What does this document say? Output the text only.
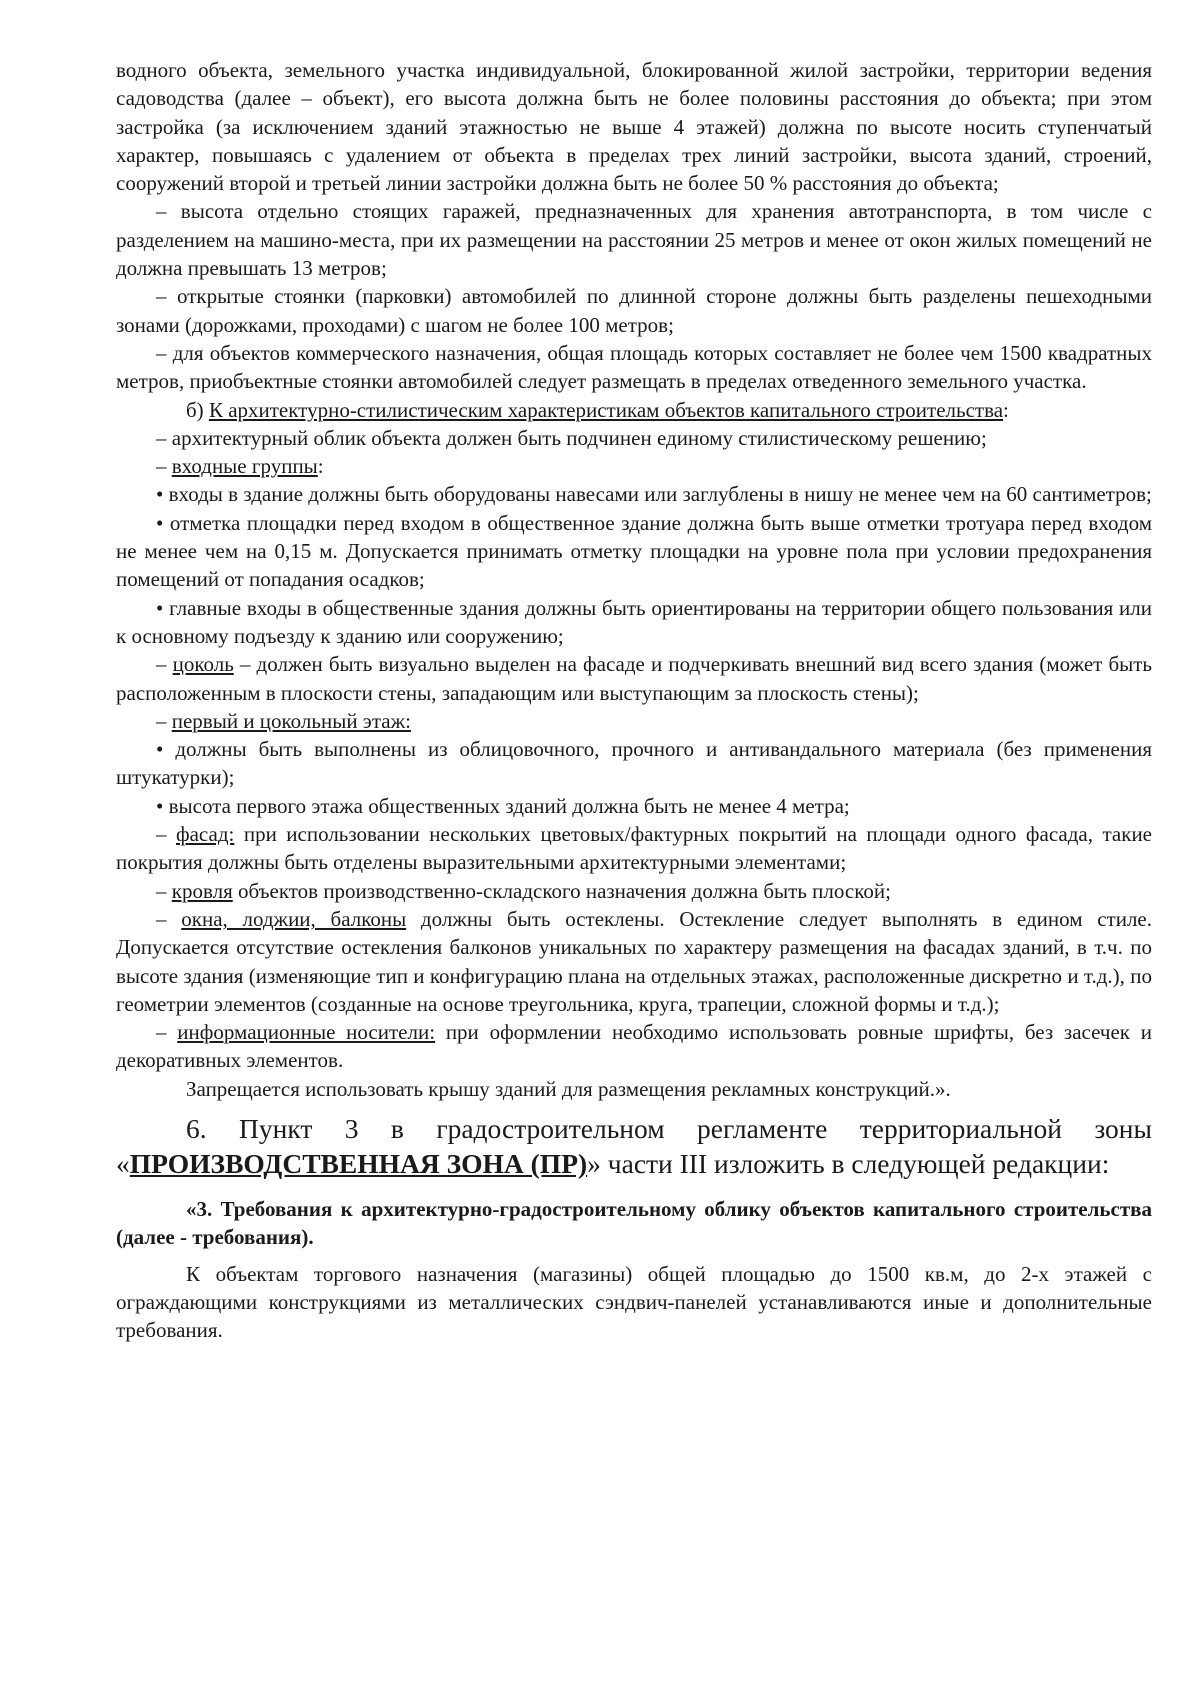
водного объекта, земельного участка индивидуальной, блокированной жилой застройки, территории ведения садоводства (далее – объект), его высота должна быть не более половины расстояния до объекта; при этом застройка (за исключением зданий этажностью не выше 4 этажей) должна по высоте носить ступенчатый характер, повышаясь с удалением от объекта в пределах трех линий застройки, высота зданий, строений, сооружений второй и третьей линии застройки должна быть не более 50 % расстояния до объекта;

– высота отдельно стоящих гаражей, предназначенных для хранения автотранспорта, в том числе с разделением на машино-места, при их размещении на расстоянии 25 метров и менее от окон жилых помещений не должна превышать 13 метров;

– открытые стоянки (парковки) автомобилей по длинной стороне должны быть разделены пешеходными зонами (дорожками, проходами) с шагом не более 100 метров;

– для объектов коммерческого назначения, общая площадь которых составляет не более чем 1500 квадратных метров, приобъектные стоянки автомобилей следует размещать в пределах отведенного земельного участка.

б) К архитектурно-стилистическим характеристикам объектов капитального строительства:

– архитектурный облик объекта должен быть подчинен единому стилистическому решению;

– входные группы:

• входы в здание должны быть оборудованы навесами или заглублены в нишу не менее чем на 60 сантиметров;

• отметка площадки перед входом в общественное здание должна быть выше отметки тротуара перед входом не менее чем на 0,15 м. Допускается принимать отметку площадки на уровне пола при условии предохранения помещений от попадания осадков;

• главные входы в общественные здания должны быть ориентированы на территории общего пользования или к основному подъезду к зданию или сооружению;

– цоколь – должен быть визуально выделен на фасаде и подчеркивать внешний вид всего здания (может быть расположенным в плоскости стены, западающим или выступающим за плоскость стены);

– первый и цокольный этаж:

• должны быть выполнены из облицовочного, прочного и антивандального материала (без применения штукатурки);

• высота первого этажа общественных зданий должна быть не менее 4 метра;

– фасад: при использовании нескольких цветовых/фактурных покрытий на площади одного фасада, такие покрытия должны быть отделены выразительными архитектурными элементами;

– кровля объектов производственно-складского назначения должна быть плоской;

– окна, лоджии, балконы должны быть остеклены. Остекление следует выполнять в едином стиле. Допускается отсутствие остекления балконов уникальных по характеру размещения на фасадах зданий, в т.ч. по высоте здания (изменяющие тип и конфигурацию плана на отдельных этажах, расположенные дискретно и т.д.), по геометрии элементов (созданные на основе треугольника, круга, трапеции, сложной формы и т.д.);

– информационные носители: при оформлении необходимо использовать ровные шрифты, без засечек и декоративных элементов.

Запрещается использовать крышу зданий для размещения рекламных конструкций.».

6. Пункт 3 в градостроительном регламенте территориальной зоны «ПРОИЗВОДСТВЕННАЯ ЗОНА (ПР)» части III изложить в следующей редакции:

«3. Требования к архитектурно-градостроительному облику объектов капитального строительства (далее - требования).

К объектам торгового назначения (магазины) общей площадью до 1500 кв.м, до 2-х этажей с ограждающими конструкциями из металлических сэндвич-панелей устанавливаются иные и дополнительные требования.
